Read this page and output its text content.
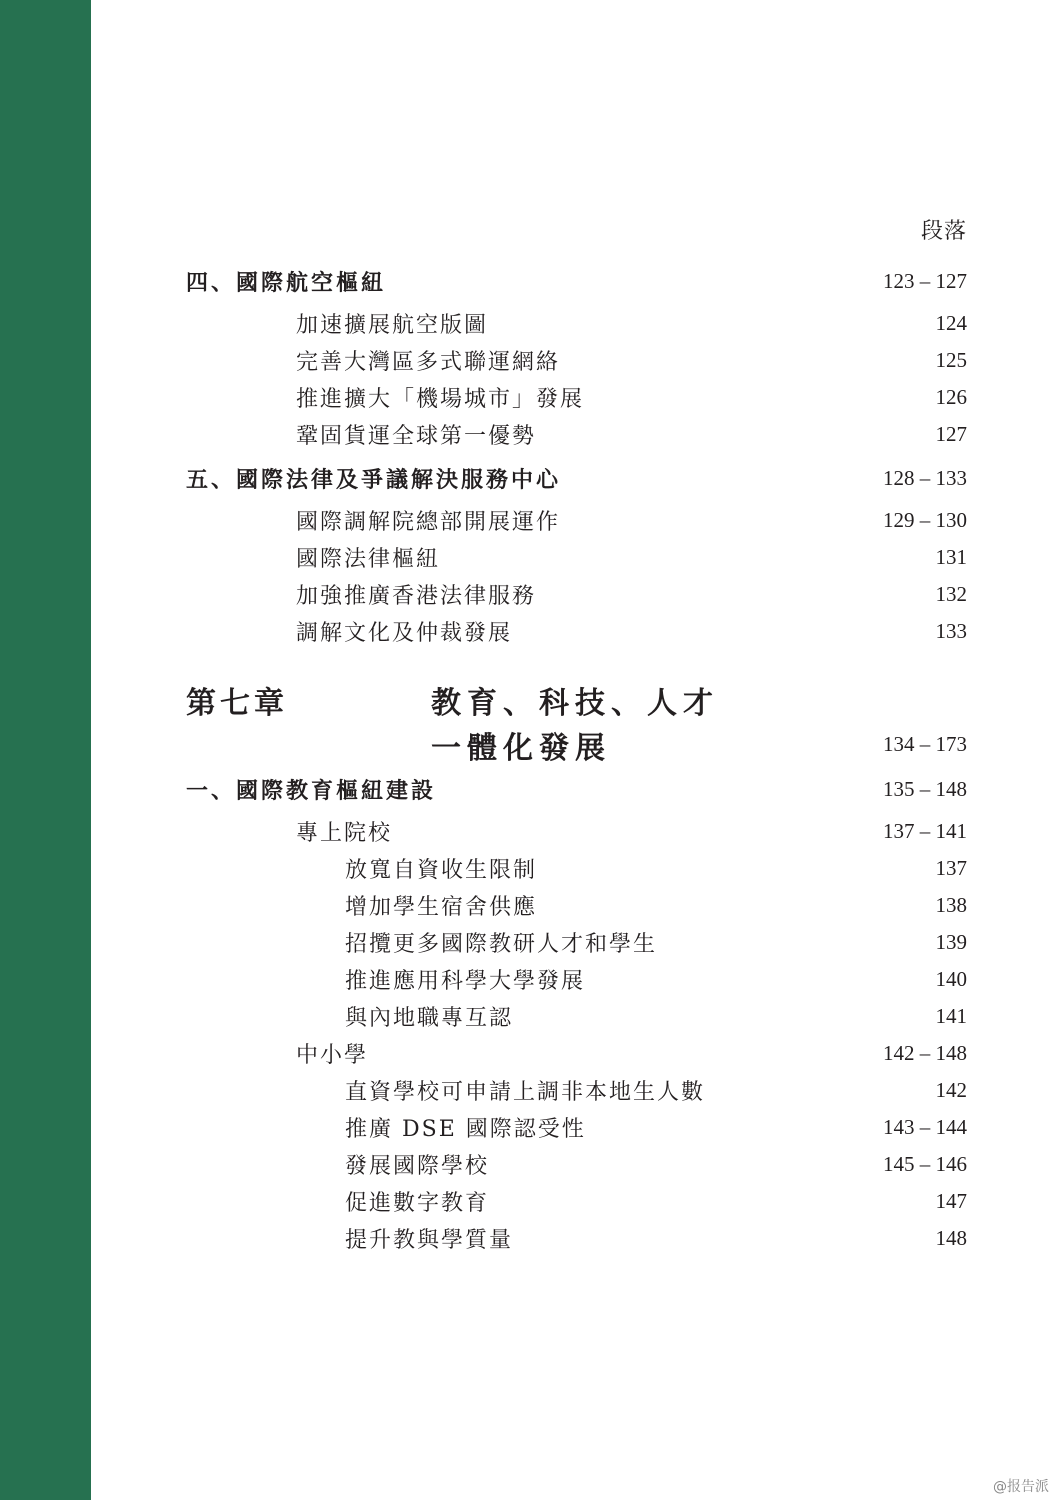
段落
四、國際航空樞紐	123 – 127
加速擴展航空版圖	124
完善大灣區多式聯運網絡	125
推進擴大「機場城市」發展	126
鞏固貨運全球第一優勢	127
五、國際法律及爭議解決服務中心	128 – 133
國際調解院總部開展運作	129 – 130
國際法律樞紐	131
加強推廣香港法律服務	132
調解文化及仲裁發展	133
第七章	教育、科技、人才
一體化發展	134 – 173
一、國際教育樞紐建設	135 – 148
專上院校	137 – 141
放寬自資收生限制	137
增加學生宿舍供應	138
招攬更多國際教研人才和學生	139
推進應用科學大學發展	140
與內地職專互認	141
中小學	142 – 148
直資學校可申請上調非本地生人數	142
推廣 DSE 國際認受性	143 – 144
發展國際學校	145 – 146
促進數字教育	147
提升教與學質量	148
@报告派
